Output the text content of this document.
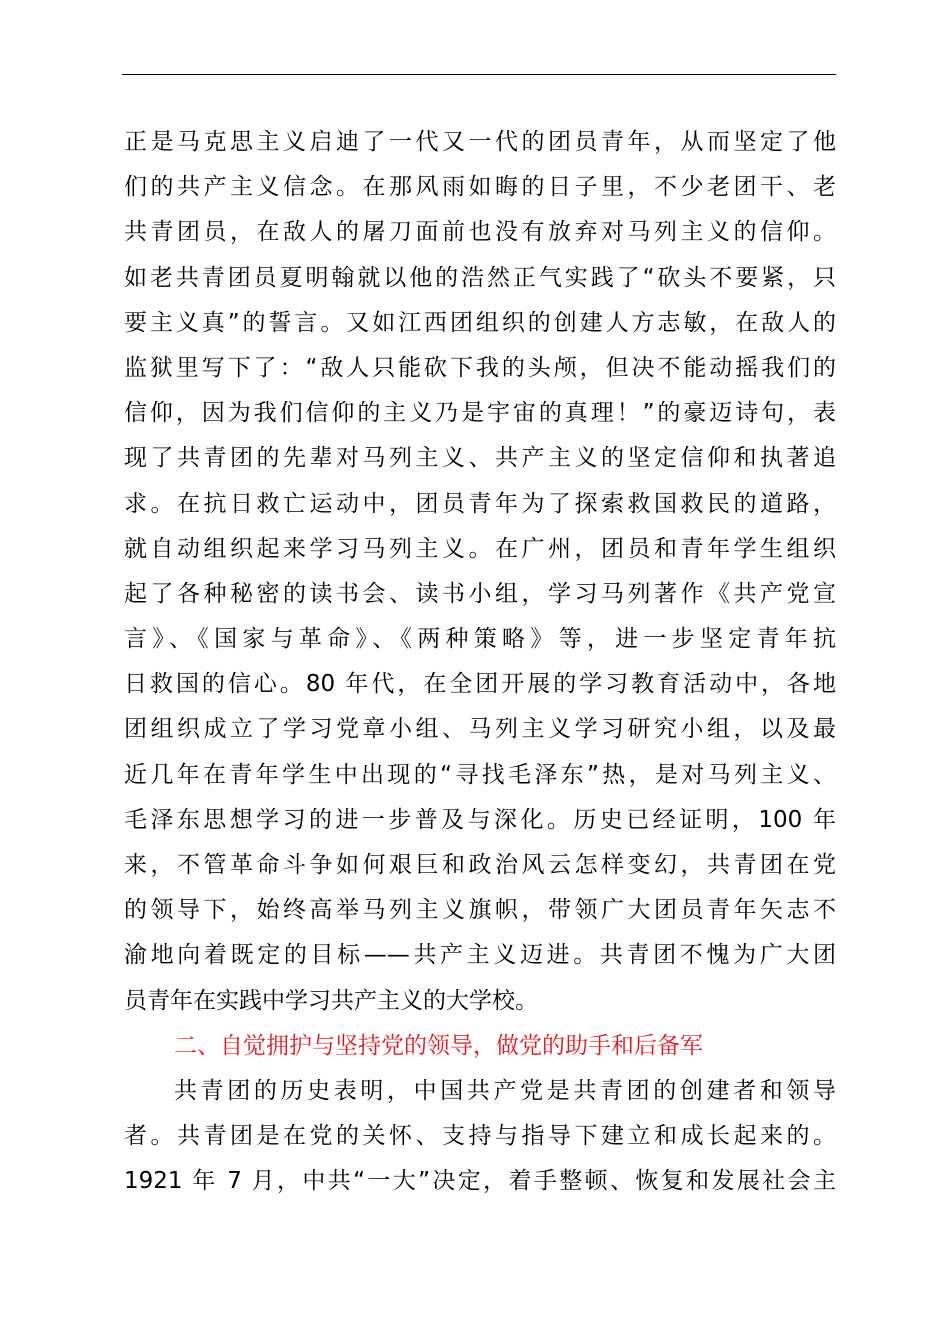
正是马克思主义启迪了一代又一代的团员青年，从而坚定了他
们的共产主义信念。在那风雨如晦的日子里，不少老团干、老
共青团员，在敌人的屠刀面前也没有放弃对马列主义的信仰。
如老共青团员夏明翰就以他的浩然正气实践了“砍头不要紧，只
要主义真”的誓言。又如江西团组织的创建人方志敏，在敌人的
监狱里写下了：“敌人只能砍下我的头颅，但决不能动摇我们的
信仰，因为我们信仰的主义乃是宇宙的真理！”的豪迈诗句，表
现了共青团的先辈对马列主义、共产主义的坚定信仰和执著追
求。在抗日救亡运动中，团员青年为了探索救国救民的道路，
就自动组织起来学习马列主义。在广州，团员和青年学生组织
起了各种秘密的读书会、读书小组，学习马列著作《共产党宣
言》、《国家与革命》、《两种策略》等，进一步坚定青年抗
日救国的信心。80 年代，在全团开展的学习教育活动中，各地
团组织成立了学习党章小组、马列主义学习研究小组，以及最
近几年在青年学生中出现的“寻找毛泽东”热，是对马列主义、
毛泽东思想学习的进一步普及与深化。历史已经证明，100 年
来，不管革命斗争如何艰巨和政治风云怎样变幻，共青团在党
的领导下，始终高举马列主义旗帜，带领广大团员青年矢志不
渝地向着既定的目标——共产主义迈进。共青团不愧为广大团
员青年在实践中学习共产主义的大学校。
二、自觉拥护与坚持党的领导，做党的助手和后备军
共青团的历史表明，中国共产党是共青团的创建者和领导
者。共青团是在党的关怀、支持与指导下建立和成长起来的。
1921 年 7 月，中共“一大”决定，着手整顿、恢复和发展社会主
